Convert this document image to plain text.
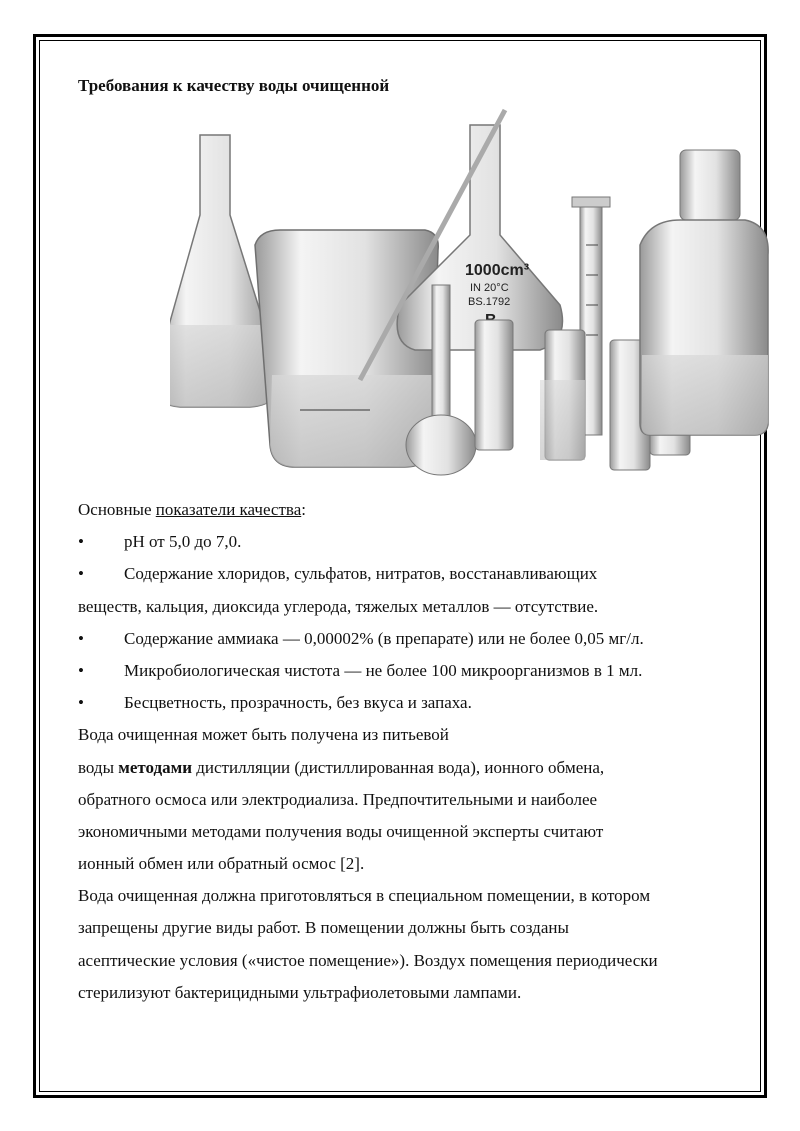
Требования к качеству воды очищенной
Основные показатели качества:
• pH от 5,0 до 7,0.
• Содержание хлоридов, сульфатов, нитратов, восстанавливающих
веществ, кальция, диоксида углерода, тяжелых металлов — отсутствие.
• Содержание аммиака — 0,00002% (в препарате) или не более 0,05 мг/л.
• Микробиологическая чистота — не более 100 микроорганизмов в 1 мл.
• Бесцветность, прозрачность, без вкуса и запаха.
Вода очищенная может быть получена из питьевой
воды методами дистилляции (дистиллированная вода), ионного обмена,
обратного осмоса или электродиализа. Предпочтительными и наиболее
экономичными методами получения воды очищенной эксперты считают
ионный обмен или обратный осмос [2].
Вода очищенная должна приготовляться в специальном помещении, в котором
запрещены другие виды работ. В помещении должны быть созданы
асептические условия («чистое помещение»). Воздух помещения периодически
стерилизуют бактерицидными ультрафиолетовыми лампами.
1000cm³
IN 20°C
BS.1792
